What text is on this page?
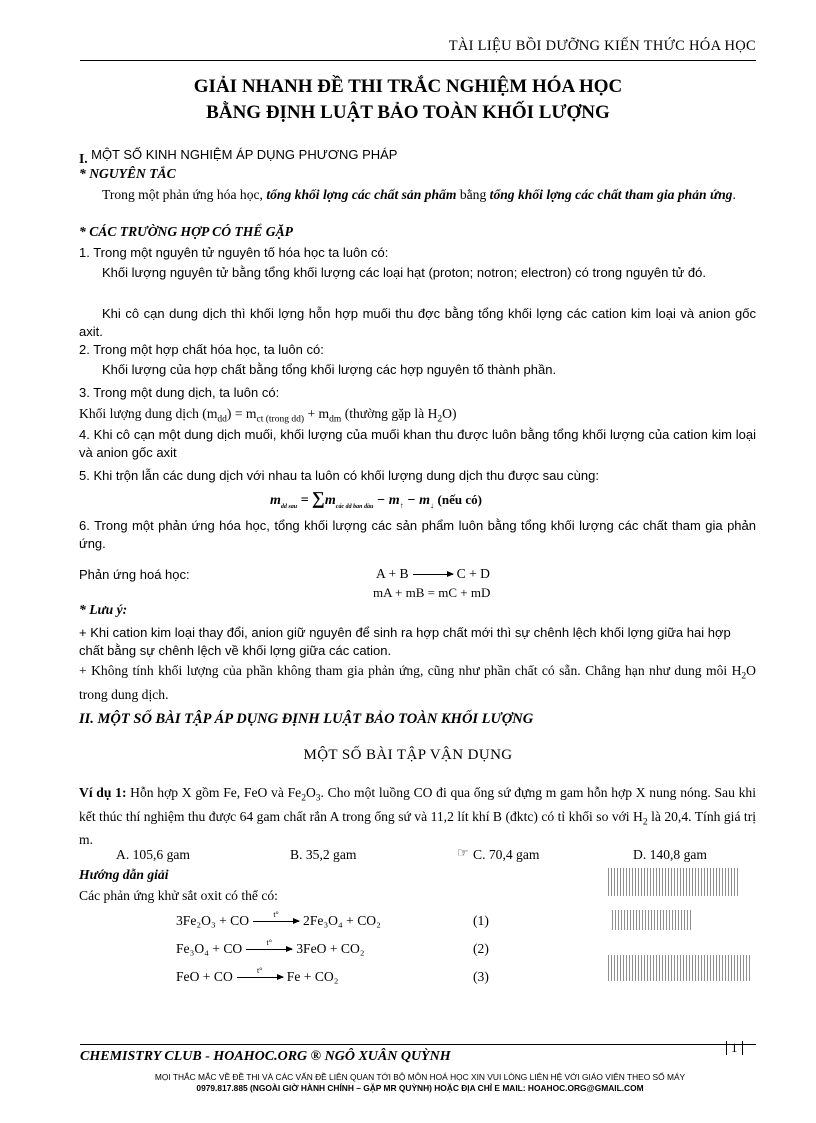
TÀI LIỆU BỒI DƯỠNG KIẾN THỨC HÓA HỌC
GIẢI NHANH ĐỀ THI TRẮC NGHIỆM HÓA HỌC
BẰNG ĐỊNH LUẬT BẢO TOÀN KHỐI LƯỢNG
I. MỘT SỐ KINH NGHIỆM ÁP DỤNG PHƯƠNG PHÁP
* NGUYÊN TẮC
Trong một phản ứng hóa học, tổng khối lợng các chất sản phẩm bằng tổng khối lợng các chất tham gia phản ứng.
* CÁC TRƯỜNG HỢP CÓ THỂ GẶP
1. Trong một nguyên tử nguyên tố hóa học ta luôn có:
Khối lượng nguyên tử bằng tổng khối lượng các loại hạt (proton; notron; electron) có trong nguyên tử đó.
Khi cô cạn dung dịch thì khối lợng hỗn hợp muối thu đợc bằng tổng khối lợng các cation kim loại và anion gốc axit.
2. Trong một hợp chất hóa học, ta luôn có:
Khối lượng của hợp chất bằng tổng khối lượng các hợp nguyên tố thành phần.
3. Trong một dung dịch, ta luôn có:
Khối lượng dung dịch $(m_{dd}) = m_{ct (trong dd)} + m_{dm}$ (thường gặp là $H_2O$)
4. Khi cô cạn một dung dịch muối, khối lượng của muối khan thu được luôn bằng tổng khối lượng của cation kim loại và anion gốc axit
5. Khi trộn lẫn các dung dịch với nhau ta luôn có khối lượng dung dịch thu được sau cùng:
$m_{dd sau} = \sum m_{các dd ban đầu} - m_↑ - m_↓$ (nếu có)
6. Trong một phản ứng hóa học, tổng khối lượng các sản phẩm luôn bằng tổng khối lượng các chất tham gia phản ứng.
Phản ứng hoá học:	A + B	C + D
mA + mB = mC + mD
* Lưu ý:
+ Khi cation kim loại thay đổi, anion giữ nguyên để sinh ra hợp chất mới thì sự chênh lệch khối lợng giữa hai hợp chất bằng sự chênh lệch về khối lợng giữa các cation.
+ Không tính khối lượng của phần không tham gia phản ứng, cũng như phần chất có sẵn. Chẳng hạn như dung môi $H_2O$ trong dung dịch.
II. MỘT SỐ BÀI TẬP ÁP DỤNG ĐỊNH LUẬT BẢO TOÀN KHỐI LƯỢNG
MỘT SỐ BÀI TẬP VẬN DỤNG
Ví dụ 1: Hỗn hợp X gồm Fe, FeO và $Fe_2O_3$. Cho một luồng CO đi qua ống sứ đựng m gam hỗn hợp X nung nóng. Sau khi kết thúc thí nghiệm thu được 64 gam chất rắn A trong ống sứ và 11,2 lít khí B (đktc) có tỉ khối so với $H_2$ là 20,4. Tính giá trị m.
A. 105,6 gam	B. 35,2 gam	☞ C. 70,4 gam	D. 140,8 gam
Hướng dẫn giải
Các phản ứng khử sắt oxit có thể có:
3Fe₂O₃ + CO	t°	2Fe₃O₄ + CO₂	(1)
Fe₃O₄ + CO	t°	3FeO + CO₂	(2)
FeO + CO	t°	Fe + CO₂	(3)
CHEMISTRY CLUB - HOAHOC.ORG ® NGÔ XUÂN QUỲNH
1
MỌI THẮC MẮC VỀ ĐỀ THI VÀ CÁC VẤN ĐỀ LIÊN QUAN TỚI BỘ MÔN HOÁ HỌC XIN VUI LÒNG LIÊN HỆ VỚI GIÁO VIÊN THEO SỐ MÁY
0979.817.885 (NGOÀI GIỜ HÀNH CHÍNH – GẶP MR QUỲNH) HOẶC ĐỊA CHỈ E MAIL: HOAHOC.ORG@GMAIL.COM
